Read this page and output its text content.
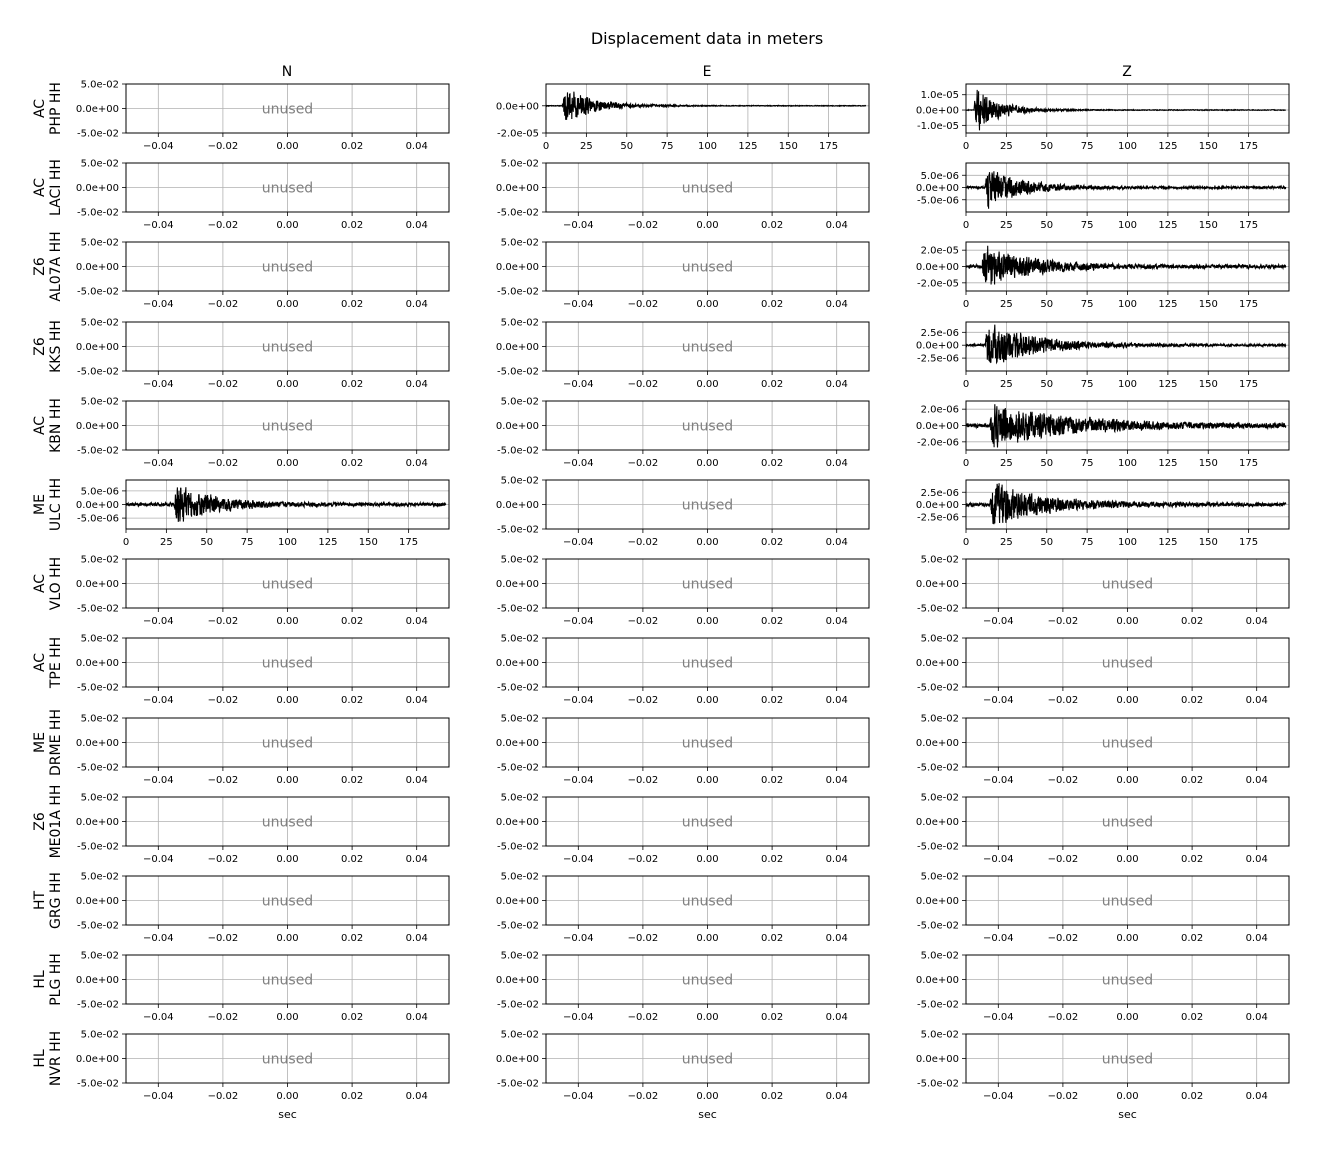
Displacement data in meters
N	E	Z
AC PHP HH	unused
−0.04	−0.02	0.00	0.02	0.04
5.0e-02
0.0e+00
-5.0e-02
0	25	50	75 100 125 150 175
0.0e+00
-2.0e-05
0	25	50	75 100 125 150 175
1.0e-05
0.0e+00
-1.0e-05
AC LACI HH	unused
−0.04	−0.02	0.00	0.02	0.04
5.0e-02
0.0e+00
-5.0e-02
unused
−0.04	−0.02	0.00	0.02	0.04
5.0e-02
0.0e+00
-5.0e-02
0	25	50	75 100 125 150 175
5.0e-06
0.0e+00
-5.0e-06
Z6 AL07A HH	unused
−0.04	−0.02	0.00	0.02	0.04
5.0e-02
0.0e+00
-5.0e-02
unused
−0.04	−0.02	0.00	0.02	0.04
5.0e-02
0.0e+00
-5.0e-02
0	25	50	75 100 125 150 175
2.0e-05
0.0e+00
-2.0e-05
Z6 KKS HH	unused
−0.04	−0.02	0.00	0.02	0.04
5.0e-02
0.0e+00
-5.0e-02
unused
−0.04	−0.02	0.00	0.02	0.04
5.0e-02
0.0e+00
-5.0e-02
0	25	50	75 100 125 150 175
2.5e-06
0.0e+00
-2.5e-06
AC KBN HH	unused
−0.04	−0.02	0.00	0.02	0.04
5.0e-02
0.0e+00
-5.0e-02
unused
−0.04	−0.02	0.00	0.02	0.04
5.0e-02
0.0e+00
-5.0e-02
0	25	50	75 100 125 150 175
2.0e-06
0.0e+00
-2.0e-06
ME ULC HH
0	25	50	75 100 125 150 175
5.0e-06
0.0e+00
-5.0e-06
unused
−0.04	−0.02	0.00	0.02	0.04
5.0e-02
0.0e+00
-5.0e-02
0	25	50	75 100 125 150 175
2.5e-06
0.0e+00
-2.5e-06
AC VLO HH	unused
−0.04	−0.02	0.00	0.02	0.04
5.0e-02
0.0e+00
-5.0e-02
unused
−0.04	−0.02	0.00	0.02	0.04
5.0e-02
0.0e+00
-5.0e-02
unused
−0.04	−0.02	0.00	0.02	0.04
5.0e-02
0.0e+00
-5.0e-02
AC TPE HH	unused
−0.04	−0.02	0.00	0.02	0.04
5.0e-02
0.0e+00
-5.0e-02
unused
−0.04	−0.02	0.00	0.02	0.04
5.0e-02
0.0e+00
-5.0e-02
unused
−0.04	−0.02	0.00	0.02	0.04
5.0e-02
0.0e+00
-5.0e-02
ME DRME HH	unused
−0.04	−0.02	0.00	0.02	0.04
5.0e-02
0.0e+00
-5.0e-02
unused
−0.04	−0.02	0.00	0.02	0.04
5.0e-02
0.0e+00
-5.0e-02
unused
−0.04	−0.02	0.00	0.02	0.04
5.0e-02
0.0e+00
-5.0e-02
Z6 ME01A HH	unused
−0.04	−0.02	0.00	0.02	0.04
5.0e-02
0.0e+00
-5.0e-02
unused
−0.04	−0.02	0.00	0.02	0.04
5.0e-02
0.0e+00
-5.0e-02
unused
−0.04	−0.02	0.00	0.02	0.04
5.0e-02
0.0e+00
-5.0e-02
HT GRG HH	unused
−0.04	−0.02	0.00	0.02	0.04
5.0e-02
0.0e+00
-5.0e-02
unused
−0.04	−0.02	0.00	0.02	0.04
5.0e-02
0.0e+00
-5.0e-02
unused
−0.04	−0.02	0.00	0.02	0.04
5.0e-02
0.0e+00
-5.0e-02
HL PLG HH	unused
−0.04	−0.02	0.00	0.02	0.04
5.0e-02
0.0e+00
-5.0e-02
unused
−0.04	−0.02	0.00	0.02	0.04
5.0e-02
0.0e+00
-5.0e-02
unused
−0.04	−0.02	0.00	0.02	0.04
5.0e-02
0.0e+00
-5.0e-02
HL NVR HH	unused
−0.04	−0.02	0.00	0.02	0.04
5.0e-02
0.0e+00
-5.0e-02
sec
unused
−0.04	−0.02	0.00	0.02	0.04
5.0e-02
0.0e+00
-5.0e-02
sec
unused
−0.04	−0.02	0.00	0.02	0.04
5.0e-02
0.0e+00
-5.0e-02
sec
